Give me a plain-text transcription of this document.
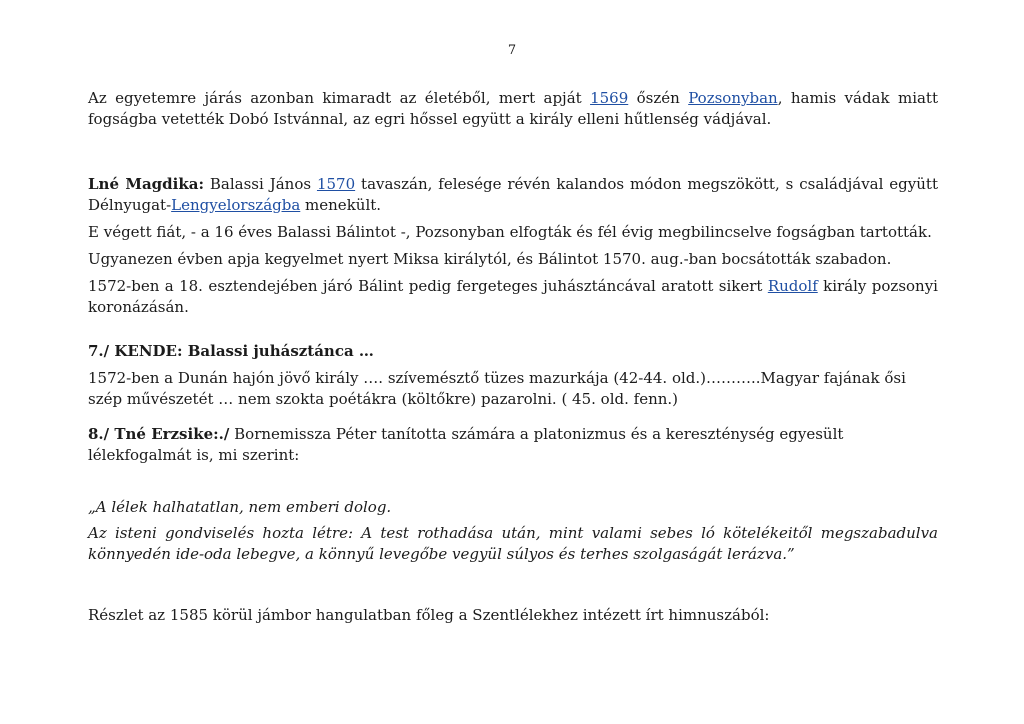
7

Az egyetemre járás azonban kimaradt az életéből, mert apját 1569 őszén Pozsonyban, hamis vádak miatt fogságba vetették Dobó Istvánnal, az egri hőssel együtt a király elleni hűtlenség vádjával.

Lné Magdika: Balassi János 1570 tavaszán, felesége révén kalandos módon megszökött, s családjával együtt Délnyugat-Lengyelországba menekült.

E végett fiát, - a 16 éves Balassi Bálintot -, Pozsonyban elfogták és fél évig megbilincselve fogságban tartották.

Ugyanezen évben apja kegyelmet nyert Miksa királytól, és Bálintot 1570. aug.-ban bocsátották szabadon.

1572-ben a 18. esztendejében járó Bálint pedig fergeteges juhásztáncával aratott sikert Rudolf király pozsonyi koronázásán.

7./ KENDE: Balassi juhásztánca …

1572-ben a Dunán hajón jövő király …. szívemésztő tüzes mazurkája (42-44. old.)………..Magyar fajának ősi szép művészetét … nem szokta poétákra (költőkre) pazarolni. ( 45. old. fenn.)

8./ Tné Erzsike:./ Bornemissza Péter tanította számára a platonizmus és a kereszténység egyesült lélekfogalmát is, mi szerint:

„A lélek halhatatlan, nem emberi dolog.

Az isteni gondviselés hozta létre: A test rothadása után, mint valami sebes ló kötelékeitől megszabadulva könnyedén ide-oda lebegve, a könnyű levegőbe vegyül súlyos és terhes szolgaságát lerázva.”

Részlet az 1585 körül jámbor hangulatban főleg a Szentlélekhez intézett írt himnuszából:
